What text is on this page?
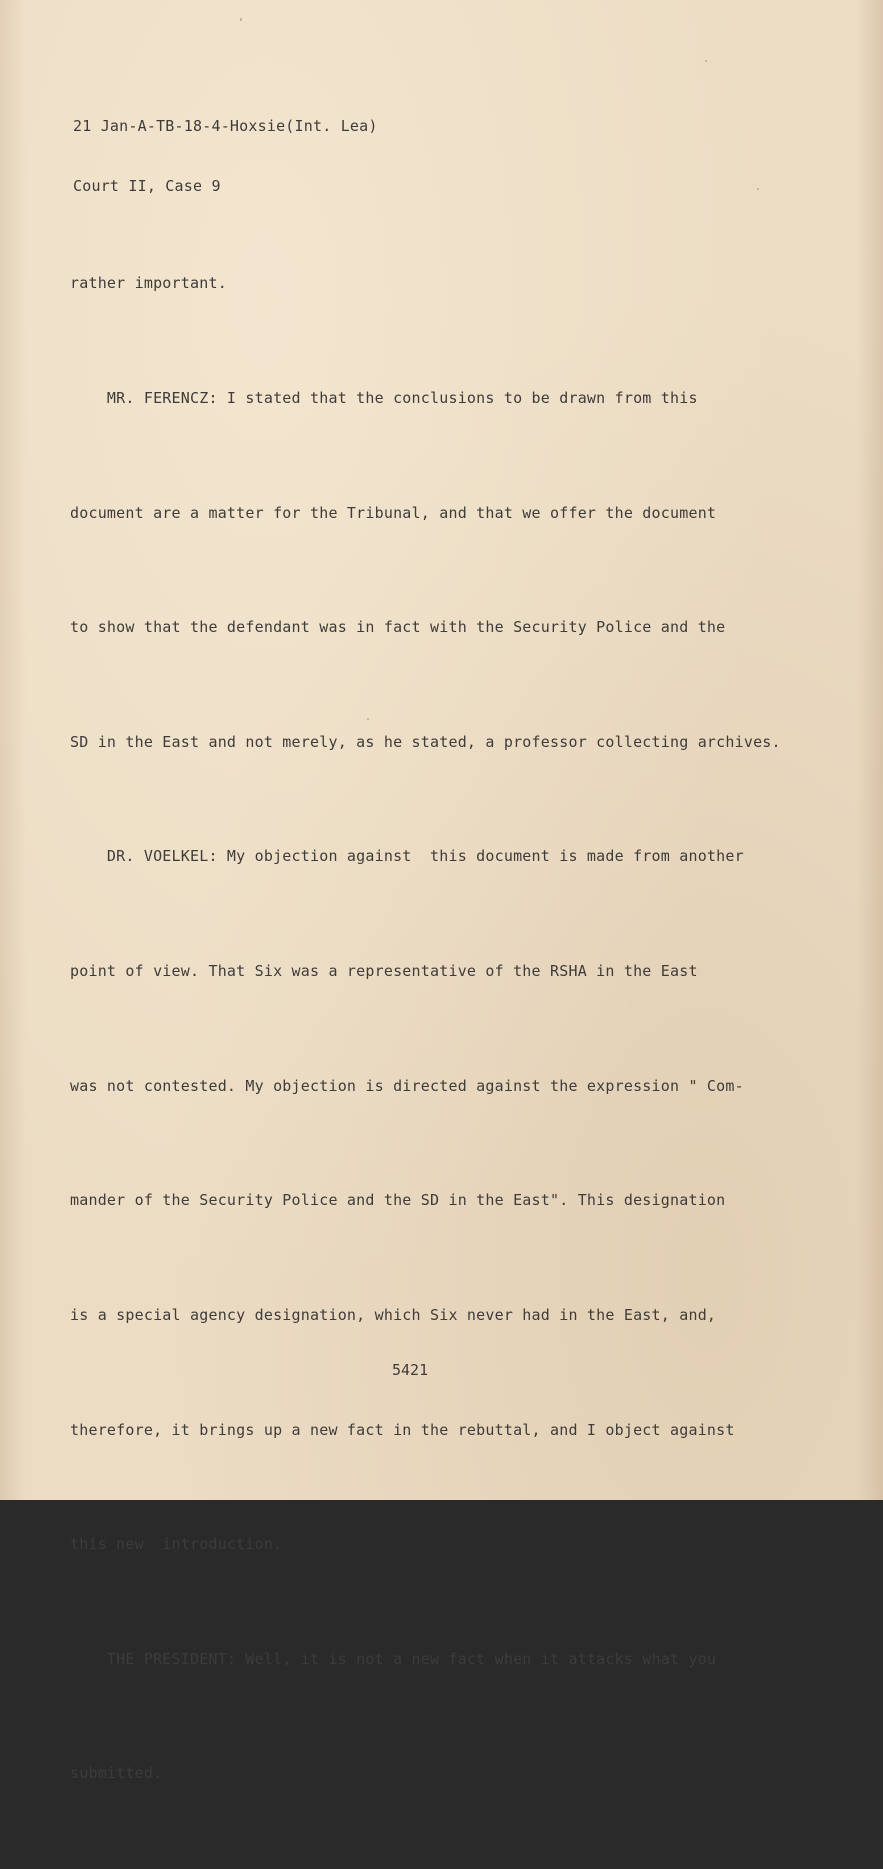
21 Jan-A-TB-18-4-Hoxsie(Int. Lea)

Court II, Case 9

rather important.

MR. FERENCZ: I stated that the conclusions to be drawn from this

document are a matter for the Tribunal, and that we offer the document

to show that the defendant was in fact with the Security Police and the

SD in the East and not merely, as he stated, a professor collecting archives.

DR. VOELKEL: My objection against  this document is made from another

point of view. That Six was a representative of the RSHA in the East

was not contested. My objection is directed against the expression " Com-

mander of the Security Police and the SD in the East". This designation

is a special agency designation, which Six never had in the East, and,

therefore, it brings up a new fact in the rebuttal, and I object against

this new  introduction.

THE PRESIDENT: Well, it is not a new fact when it attacks what you

submitted.

5421
